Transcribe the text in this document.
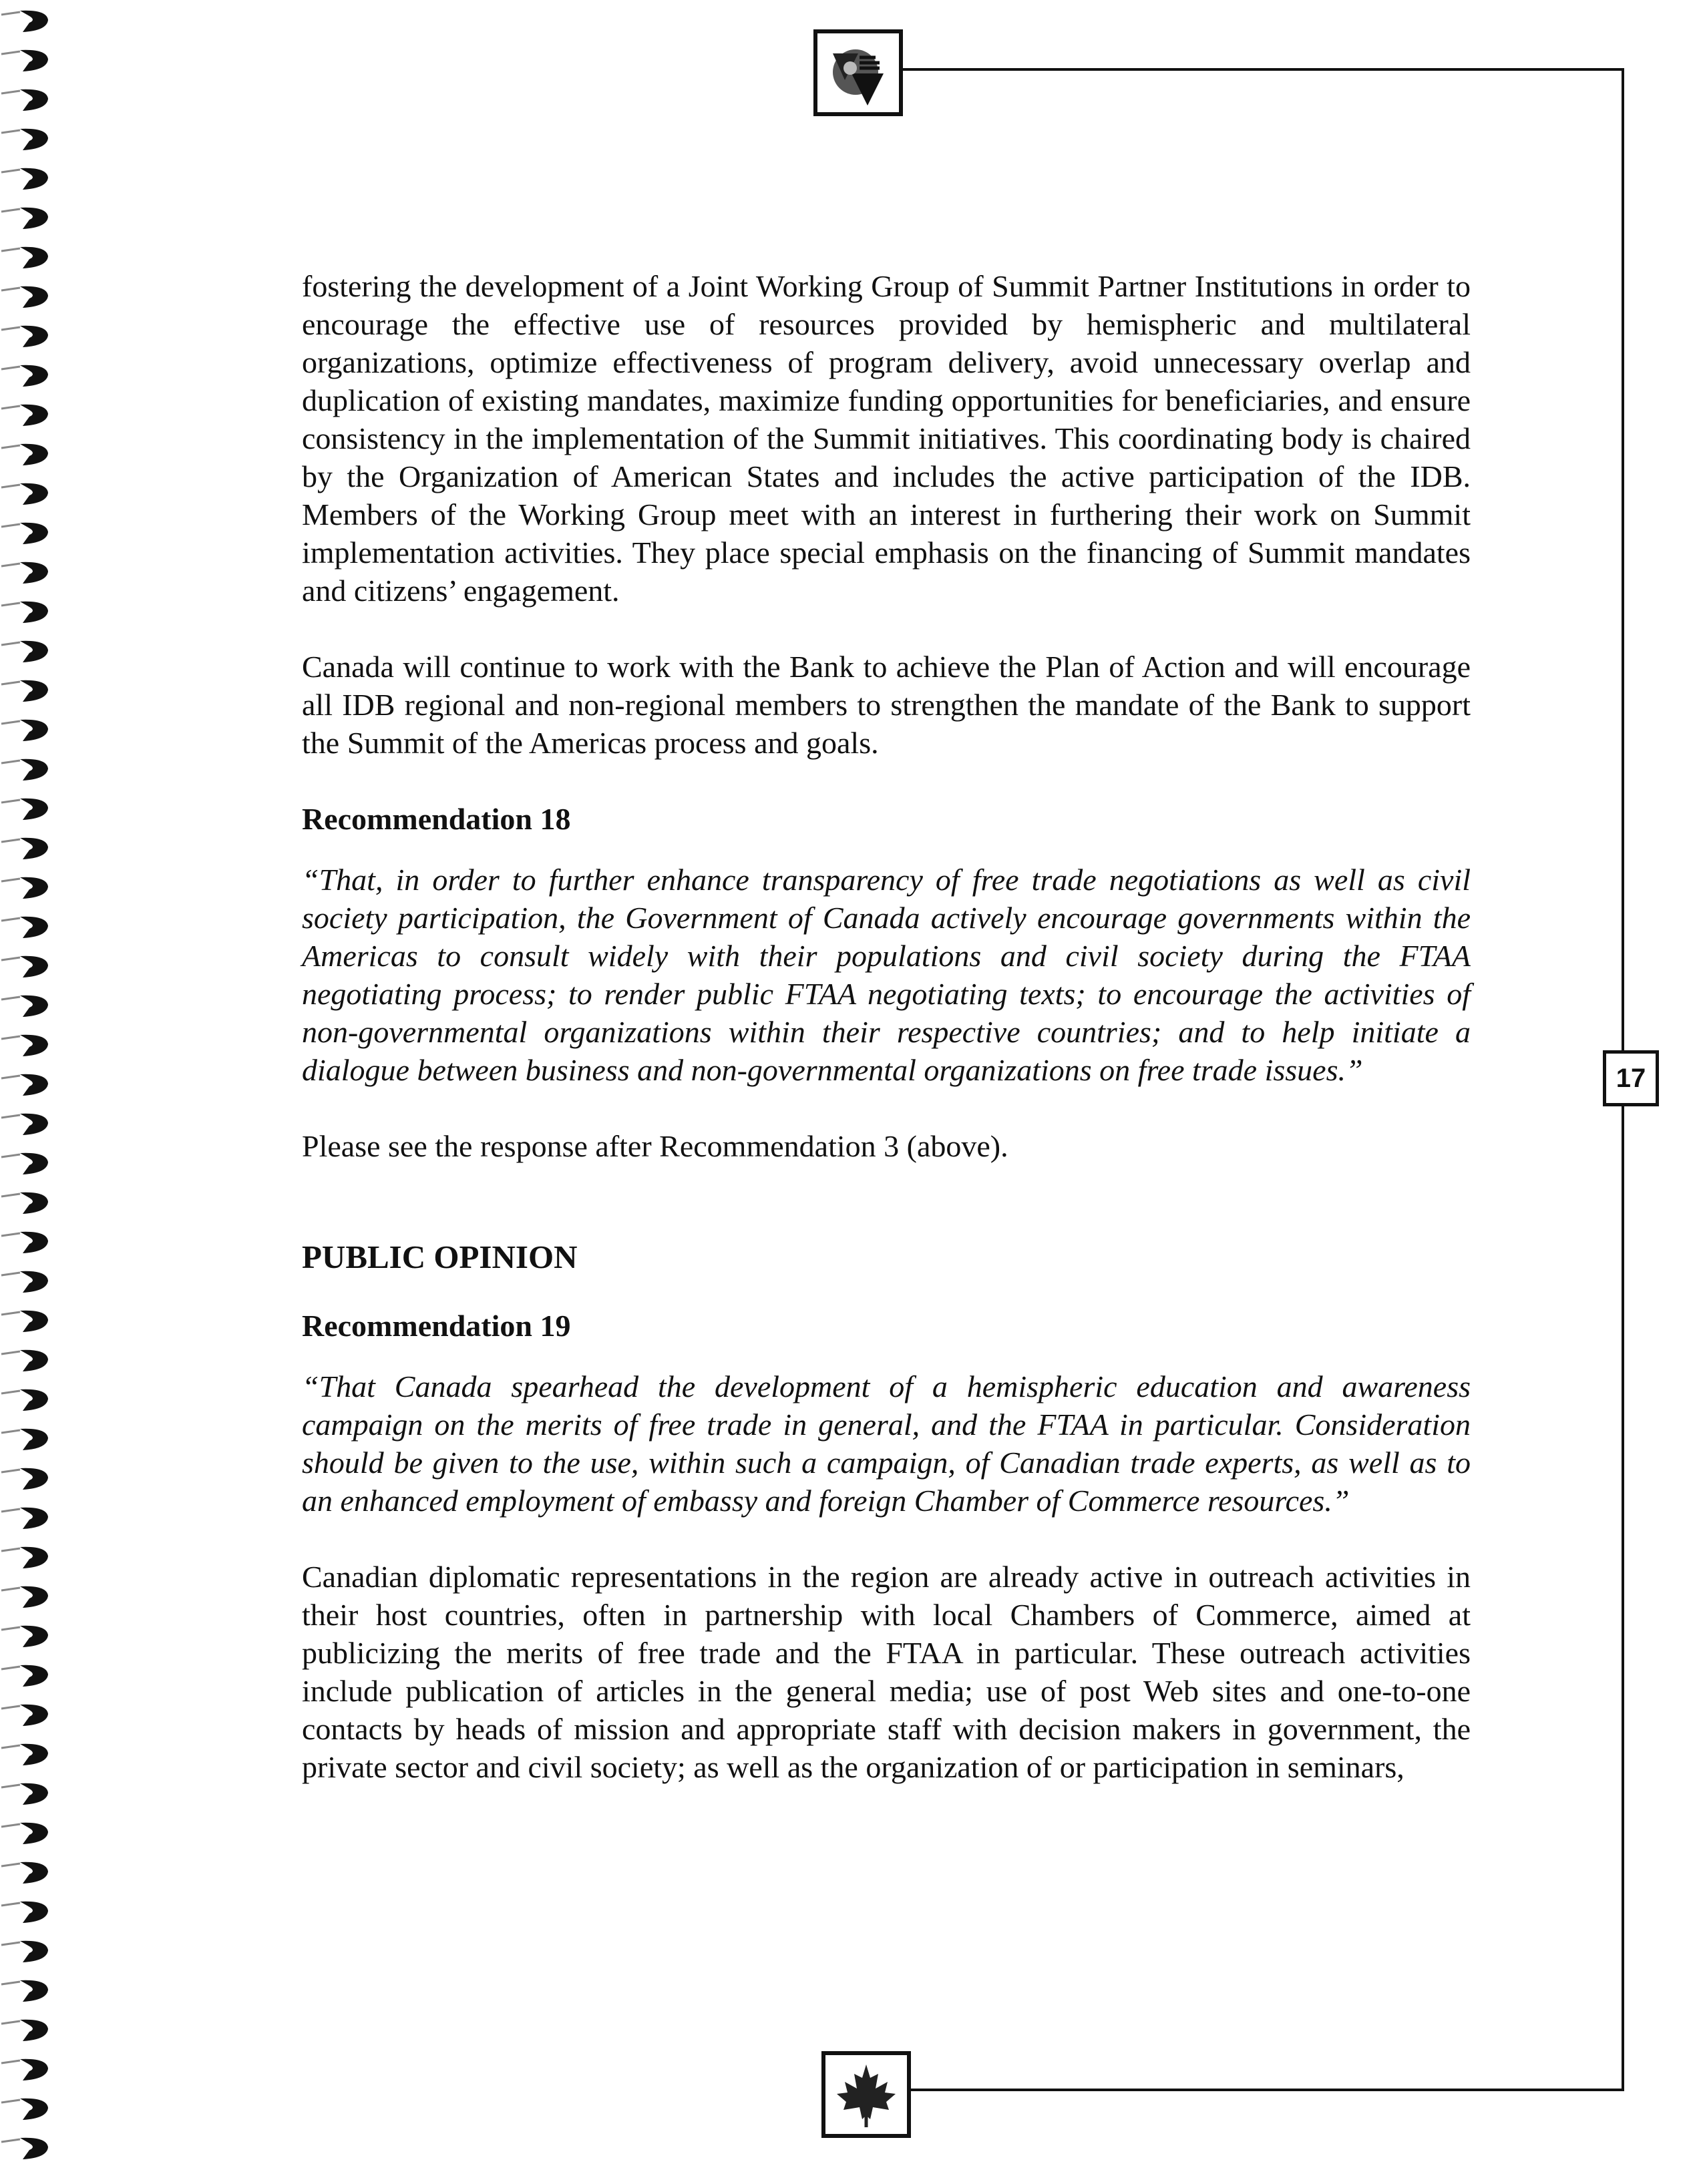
17

fostering the development of a Joint Working Group of Summit Partner Institutions in order to encourage the effective use of resources provided by hemispheric and multilateral organizations, optimize effectiveness of program delivery, avoid unnecessary overlap and duplication of existing mandates, maximize funding opportunities for beneficiaries, and ensure consistency in the implementation of the Summit initiatives. This coordinating body is chaired by the Organization of American States and includes the active participation of the IDB. Members of the Working Group meet with an interest in furthering their work on Summit implementation activities. They place special emphasis on the financing of Summit mandates and citizens’ engagement.

Canada will continue to work with the Bank to achieve the Plan of Action and will encourage all IDB regional and non-regional members to strengthen the mandate of the Bank to support the Summit of the Americas process and goals.

Recommendation 18

“That, in order to further enhance transparency of free trade negotiations as well as civil society participation, the Government of Canada actively encourage governments within the Americas to consult widely with their populations and civil society during the FTAA negotiating process; to render public FTAA negotiating texts; to encourage the activities of non-governmental organizations within their respective countries; and to help initiate a dialogue between business and non-governmental organizations on free trade issues.”

Please see the response after Recommendation 3 (above).

PUBLIC OPINION
Recommendation 19

“That Canada spearhead the development of a hemispheric education and awareness campaign on the merits of free trade in general, and the FTAA in particular. Consideration should be given to the use, within such a campaign, of Canadian trade experts, as well as to an enhanced employment of embassy and foreign Chamber of Commerce resources.”

Canadian diplomatic representations in the region are already active in outreach activities in their host countries, often in partnership with local Chambers of Commerce, aimed at publicizing the merits of free trade and the FTAA in particular. These outreach activities include publication of articles in the general media; use of post Web sites and one-to-one contacts by heads of mission and appropriate staff with decision makers in government, the private sector and civil society; as well as the organization of or participation in seminars,
